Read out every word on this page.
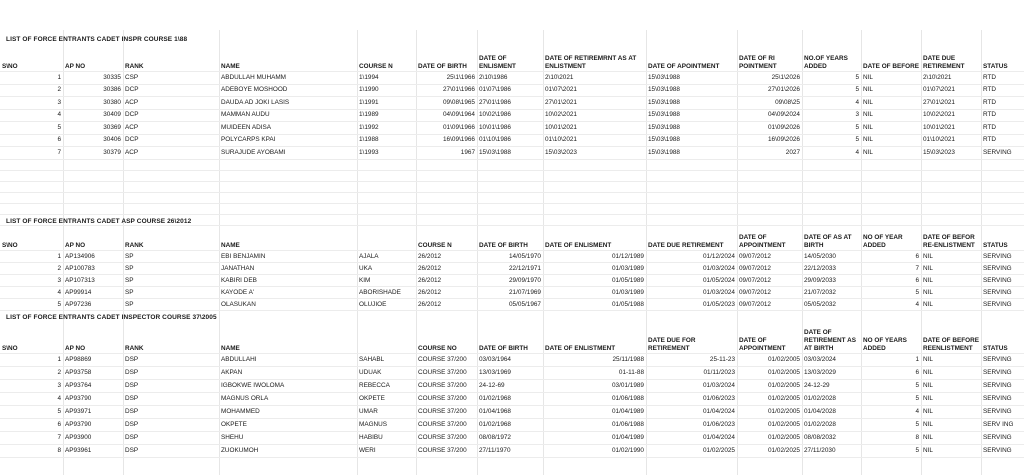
LIST OF FORCE ENTRANTS CADET INSPR COURSE 1\88
S\NO	AP NO	RANK	NAME	COURSE N	DATE OF BIRTH	DATE OF ENLISMENT	DATE OF RETIREMRNT AS AT ENLISTMENT	DATE OF APOINTMENT	DATE OF RI POINTMENT	NO.OF YEARS ADDED	DATE OF BEFORE	DATE DUE RETIREMENT	STATUS
1	30335	CSP	ABDULLAH MUHAMM	1\1994	25\1\1966	2\10\1986	2\10\2021	15\03\1988	25\1\2026	5	NIL	2\10\2021	RTD
2	30386	DCP	ADEBOYE MOSHOOD	1\1990	27\01\1966	01\07\1986	01\07\2021	15\03\1988	27\01\2026	5	NIL	01\07\2021	RTD
3	30380	ACP	DAUDA AD JOKI LASIS	1\1991	09\08\1965	27\01\1986	27\01\2021	15\03\1988	09\08\25	4	NIL	27\01\2021	RTD
4	30409	DCP	MAMMAN AUDU	1\1989	04\09\1964	10\02\1986	10\02\2021	15\03\1988	04\09\2024	3	NIL	10\02\2021	RTD
5	30369	ACP	MUIDEEN ADISA	1\1992	01\09\1966	10\01\1986	10\01\2021	15\03\1988	01\09\2026	5	NIL	10\01\2021	RTD
6	30406	DCP	POLYCARPS KPAI	1\1988	16\09\1966	01\10\1986	01\10\2021	15\03\1988	16\09\2026	5	NIL	01\10\2021	RTD
7	30379	ACP	SURAJUDE AYOBAMI	1\1993	1967	15\03\1988	15\03\2023	15\03\1988	2027	4	NIL	15\03\2023	SERVING

LIST OF FORCE ENTRANTS CADET ASP COURSE 26\2012
S\NO	AP NO	RANK	NAME		COURSE N	DATE OF BIRTH	DATE OF ENLISMENT	DATE DUE RETIREMENT	DATE OF APPOINTMENT	DATE OF AS AT BIRTH	NO OF YEAR ADDED	DATE OF BEFOR RE-ENLISTMENT	STATUS
1	AP134906	SP	EBI BENJAMIN	AJALA	26/2012	14/05/1970	01/12/1989	01/12/2024	09/07/2012	14/05/2030	6	NIL	SERVING
2	AP100783	SP	JANATHAN	UKA	26/2012	22/12/1971	01/03/1989	01/03/2024	09/07/2012	22/12/2033	7	NIL	SERVING
3	AP107313	SP	KABIRI DEB	KIM	26/2012	29/09/1970	01/05/1989	01/05/2024	09/07/2012	29/09/2033	6	NIL	SERVING
4	AP99914	SP	KAYODE A'	ABORISHADE	26/2012	21/07/1969	01/03/1989	01/03/2024	09/07/2012	21/07/2032	5	NIL	SERVING
5	AP97236	SP	OLASUKAN	OLUJIOE	26/2012	05/05/1967	01/05/1988	01/05/2023	09/07/2012	05/05/2032	4	NIL	SERVING
LIST OF FORCE ENTRANTS CADET INSPECTOR COURSE 37\2005
S\NO	AP NO	RANK	NAME		COURSE NO	DATE OF BIRTH	DATE OF ENLISTMENT	DATE DUE FOR RETIREMENT	DATE OF APPOINTMENT	DATE OF RETIREMENT AS AT BIRTH	NO OF YEARS ADDED	DATE OF BEFORE REENLISTMENT	STATUS
1	AP98869	DSP	ABDULLAHI	SAHABL	COURSE 37/200	03/03/1964	25/11/1988	25-11-23	01/02/2005	03/03/2024	1	NIL	SERVING
2	AP93758	DSP	AKPAN	UDUAK	COURSE 37/200	13/03/1969	01-11-88	01/11/2023	01/02/2005	13/03/2029	6	NIL	SERVING
3	AP93764	DSP	IGBOKWE IWOLOMA	REBECCA	COURSE 37/200	24-12-69	03/01/1989	01/03/2024	01/02/2005	24-12-29	5	NIL	SERVING
4	AP93790	DSP	MAGNUS ORLA	OKPETE	COURSE 37/200	01/02/1968	01/06/1988	01/06/2023	01/02/2005	01/02/2028	5	NIL	SERVING
5	AP93971	DSP	MOHAMMED	UMAR	COURSE 37/200	01/04/1968	01/04/1989	01/04/2024	01/02/2005	01/04/2028	4	NIL	SERVING
6	AP93790	DSP	OKPETE	MAGNUS	COURSE 37/200	01/02/1968	01/06/1988	01/06/2023	01/02/2005	01/02/2028	5	NIL	SERV ING
7	AP93900	DSP	SHEHU	HABIBU	COURSE 37/200	08/08/1972	01/04/1989	01/04/2024	01/02/2005	08/08/2032	8	NIL	SERVING
8	AP93961	DSP	ZUOKUMOH	WERI	COURSE 37/200	27/11/1970	01/02/1990	01/02/2025	01/02/2025	27/11/2030	5	NIL	SERVING
